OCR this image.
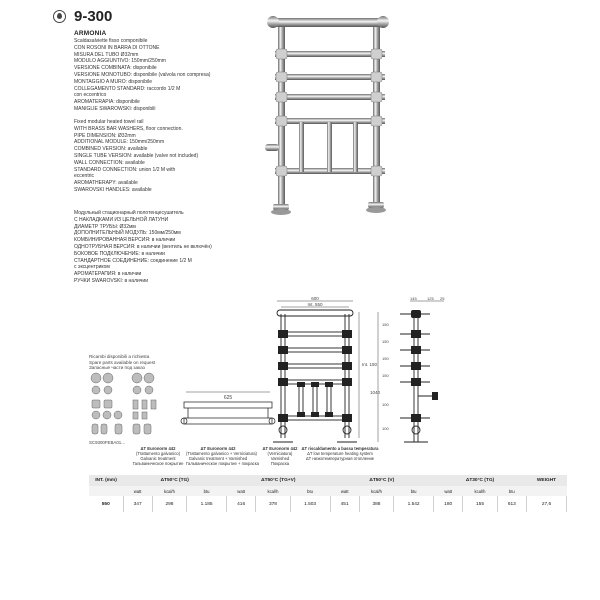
9-300
ARMONIA
Scaldasalviette fisso componibile
CON ROSONI IN BARRA DI OTTONE
MISURA DEL TUBO Ø32mm
MODULO AGGIUNTIVO: 150mm/250mm
VERSIONE COMBINATA: disponibile
VERSIONE MONOTUBO: disponibile (valvola non compresa)
MONTAGGIO A MURO: disponibile
COLLEGAMENTO STANDARD: raccordo 1/2 M
con eccentrico
AROMATERAPIA: disponibile
MANIGLIE SWAROWSKI: disponibili
Fixed modular heated towel rail
WITH BRASS BAR WASHERS, floor connection.
PIPE DIMENSION: Ø32mm
ADDITIONAL MODULE: 150mm/250mm
COMBINED VERSION: available
SINGLE TUBE VERSION: available (valve not included)
WALL CONNECTION: available
STANDARD CONNECTION: union 1/2 M with
eccentric
AROMATHERAPY: available
SWAROVSKI HANDLES: available
Модульный стационарный полотенцесушитель
С НАКЛАДКАМИ ИЗ ЦЕЛЬНОЙ ЛАТУНИ
ДИАМЕТР ТРУБЫ: Ø32мм
ДОПОЛНИТЕЛЬНЫЙ МОДУЛЬ: 150мм/250мм
КОМБИНИРОВАННАЯ ВЕРСИЯ: в наличии
ОДНОТРУБНАЯ ВЕРСИЯ: в наличии (вентиль не включён)
БОКОВОЕ ПОДКЛЮЧЕНИЕ: в наличии
СТАНДАРТНОЕ СОЕДИНЕНИЕ: соединение 1/2 M
с эксцентриком
АРОМАТЕРАПИЯ: в наличии
РУЧКИ SWAROVSKI: в наличии
Ricambi disponibili a richiesta
Spare parts available on request
Запасные части под заказ
SC9300FEBA01...
625
600
Int. 550
Int. 150
145	125 25
1040
150
150
150
150
100
100
ΔT Euronorm 442
(Trattamento galvanico)
Galvanic treatment
Гальваническое покрытие
ΔT Euronorm 442
(Trattamento galvanico + Verniciatura)
Galvanic treatment + Varnished
Гальваническое покрытие + покраска
ΔT Euronorm 442
(Verniciatura)
Varnished
Покраска
ΔT riscaldamento a bassa temperatura
ΔT low temperature heating system
ΔT низкотемпературная отопление
INT. (mm)	ΔT50°C (TG)			ΔT50°C (TG+V)			ΔT50°C (V)			ΔT30°C (TG)			WEIGHT
	watt	kcal/h	btu	watt	kcal/h	btu	watt	kcal/h	btu	watt	kcal/h	btu	
550	347	298	1.185	416	378	1.503	451	388	1.542	180	155	613	27,6
